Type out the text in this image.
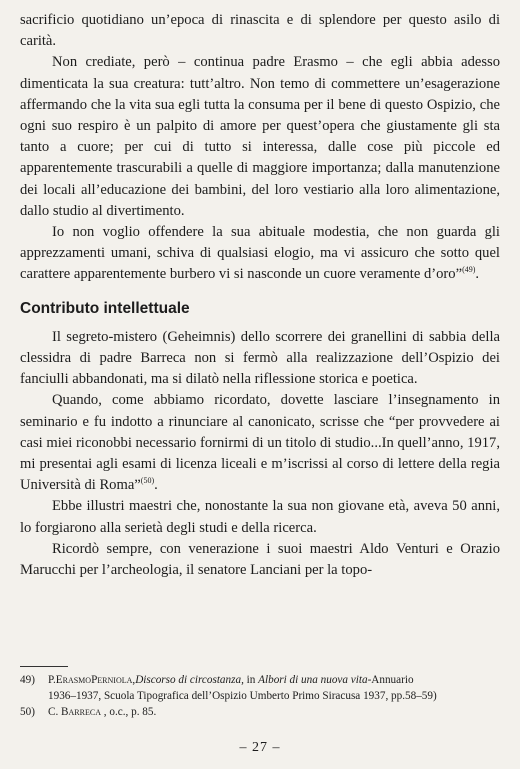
sacrificio quotidiano un’epoca di rinascita e di splendore per questo asilo di carità.

Non crediate, però – continua padre Erasmo – che egli abbia adesso dimenticata la sua creatura: tutt’altro. Non temo di commettere un’esagerazione affermando che la vita sua egli tutta la consuma per il bene di questo Ospizio, che ogni suo respiro è un palpito di amore per quest’opera che giustamente gli sta tanto a cuore; per cui di tutto si interessa, dalle cose più piccole ed apparentemente trascurabili a quelle di maggiore importanza; dalla manutenzione dei locali all’educazione dei bambini, del loro vestiario alla loro alimentazione, dallo studio al divertimento.

Io non voglio offendere la sua abituale modestia, che non guarda gli apprezzamenti umani, schiva di qualsiasi elogio, ma vi assicuro che sotto quel carattere apparentemente burbero vi si nasconde un cuore veramente d’oro”$^{(49)}$.

Contributo intellettuale

Il segreto-mistero (Geheimnis) dello scorrere dei granellini di sabbia della clessidra di padre Barreca non si fermò alla realizzazione dell’Ospizio dei fanciulli abbandonati, ma si dilatò nella riflessione storica e poetica.

Quando, come abbiamo ricordato, dovette lasciare l’insegnamento in seminario e fu indotto a rinunciare al canonicato, scrisse che “per provvedere ai casi miei riconobbi necessario fornirmi di un titolo di studio...In quell’anno, 1917, mi presentai agli esami di licenza liceali e m’iscrissi al corso di lettere della regia Università di Roma”$^{(50)}$.

Ebbe illustri maestri che, nonostante la sua non giovane età, aveva 50 anni, lo forgiarono alla serietà degli studi e della ricerca.

Ricordò sempre, con venerazione i suoi maestri Aldo Venturi e Orazio Marucchi per l’archeologia, il senatore Lanciani per la topo-

49) P.ErasmoPerniola,Discorso di circostanza, in Albori di una nuova vita-Annuario

1936–1937, Scuola Tipografica dell’Ospizio Umberto Primo Siracusa 1937, pp.58–59)

50) C. Barreca , o.c., p. 85.

– 27 –
